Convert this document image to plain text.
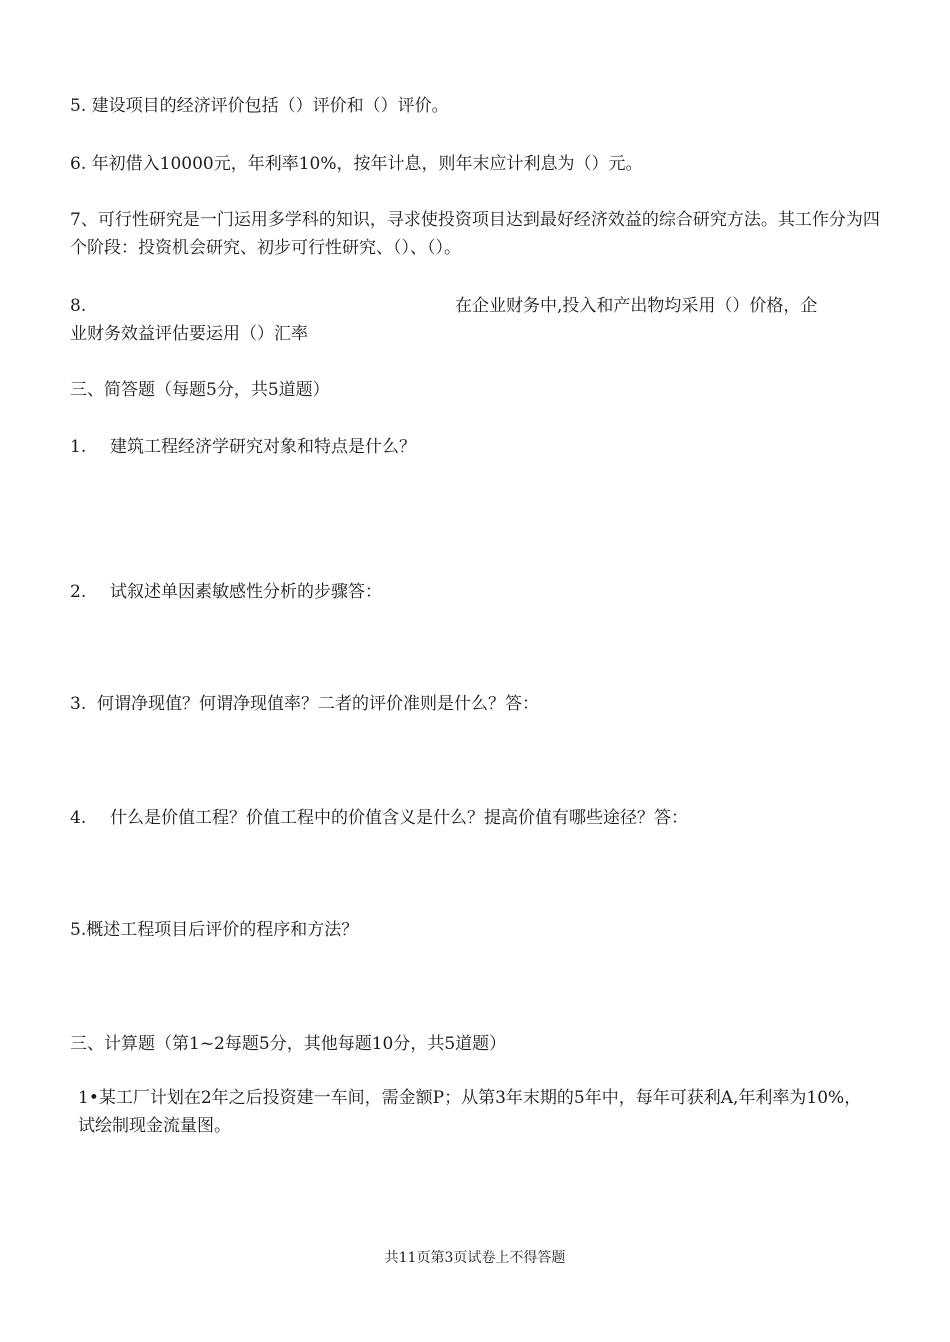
5. 建设项目的经济评价包括（）评价和（）评价。
6. 年初借入10000元，年利率10%，按年计息，则年末应计利息为（）元。
7、可行性研究是一门运用多学科的知识，寻求使投资项目达到最好经济效益的综合研究方法。其工作分为四个阶段：投资机会研究、初步可行性研究、（）、（）。
8.	在企业财务中,投入和产出物均采用（）价格，企
业财务效益评估要运用（）汇率
三、简答题（每题5分，共5道题）
1. 建筑工程经济学研究对象和特点是什么？
2. 试叙述单因素敏感性分析的步骤答：
3. 何谓净现值？何谓净现值率？二者的评价准则是什么？答：
4. 什么是价值工程？价值工程中的价值含义是什么？提高价值有哪些途径？答：
5.概述工程项目后评价的程序和方法？
三、计算题（第1~2每题5分，其他每题10分，共5道题）
1•某工厂计划在2年之后投资建一车间，需金额P；从第3年末期的5年中，每年可获利A,年利率为10%，试绘制现金流量图。
共11页第3页试卷上不得答题
